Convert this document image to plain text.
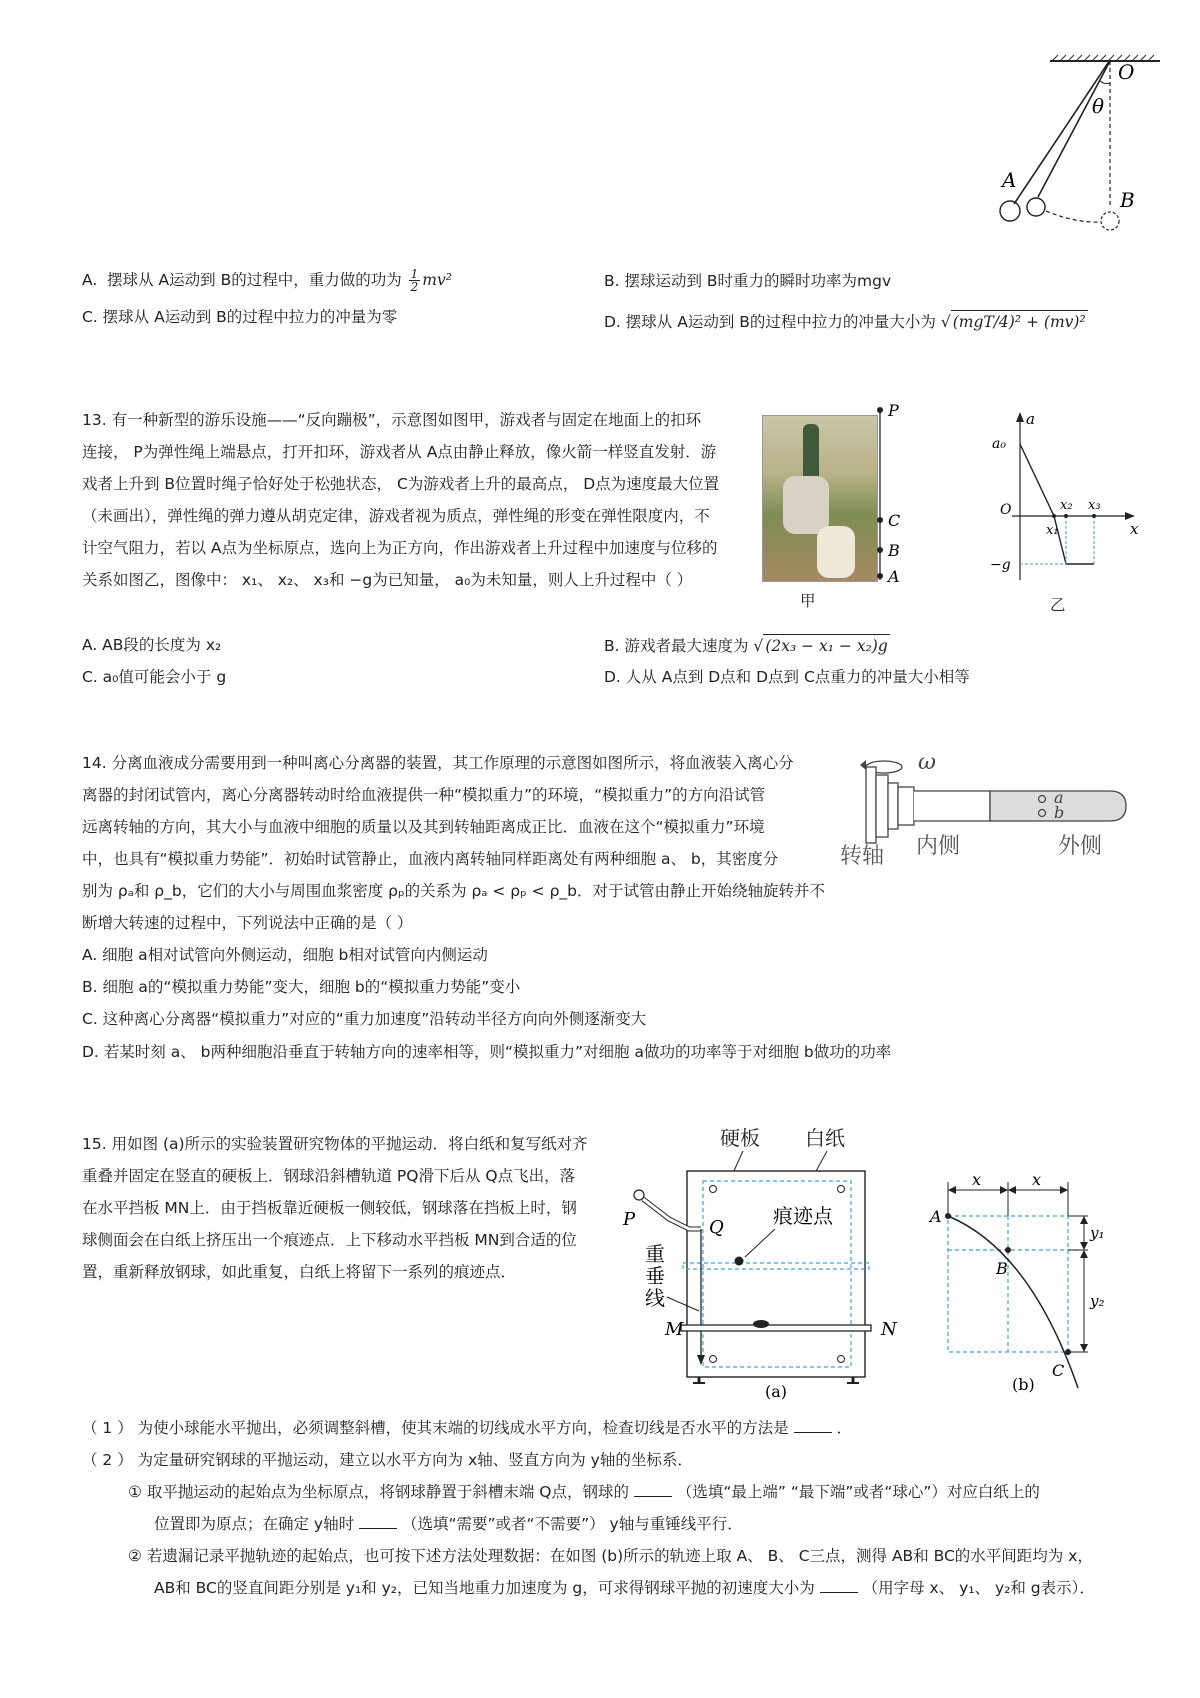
O
θ
A
B
A. 摆球从 A运动到 B的过程中，重力做的功为 $\frac{1}{2} mv^2$	B. 摆球运动到 B时重力的瞬时功率为mgv
C. 摆球从 A运动到 B的过程中拉力的冲量为零	D. 摆球从 A运动到 B的过程中拉力的冲量大小为 √ (mgT/4)² + (mv)²
13. 有一种新型的游乐设施——“反向蹦极”，示意图如图甲，游戏者与固定在地面上的扣环
连接， P为弹性绳上端悬点，打开扣环，游戏者从 A点由静止释放，像火箭一样竖直发射．游
戏者上升到 B位置时绳子恰好处于松弛状态， C为游戏者上升的最高点， D点为速度最大位置
（未画出），弹性绳的弹力遵从胡克定律，游戏者视为质点，弹性绳的形变在弹性限度内，不
计空气阻力，若以 A点为坐标原点，选向上为正方向，作出游戏者上升过程中加速度与位移的
关系如图乙，图像中： x₁、 x₂、 x₃和 −g为已知量， a₀为未知量，则人上升过程中（ ）
P
C
B
A
甲
a
a₀
O
x
x₁
x₂ x₃
−g
乙
A. AB段的长度为 x₂	B. 游戏者最大速度为 √ (2x₃ − x₁ − x₂)g
C. a₀值可能会小于 g	D. 人从 A点到 D点和 D点到 C点重力的冲量大小相等
14. 分离血液成分需要用到一种叫离心分离器的装置，其工作原理的示意图如图所示，将血液装入离心分
离器的封闭试管内，离心分离器转动时给血液提供一种“模拟重力”的环境，“模拟重力”的方向沿试管
远离转轴的方向，其大小与血液中细胞的质量以及其到转轴距离成正比．血液在这个“模拟重力”环境
中，也具有“模拟重力势能”．初始时试管静止，血液内离转轴同样距离处有两种细胞 a、 b，其密度分
别为 ρₐ和 ρ_b，它们的大小与周围血浆密度 ρₚ的关系为 ρₐ < ρₚ < ρ_b．对于试管由静止开始绕轴旋转并不
断增大转速的过程中，下列说法中正确的是（ ）
A. 细胞 a相对试管向外侧运动，细胞 b相对试管向内侧运动
B. 细胞 a的“模拟重力势能”变大，细胞 b的“模拟重力势能”变小
C. 这种离心分离器“模拟重力”对应的“重力加速度”沿转动半径方向向外侧逐渐变大
D. 若某时刻 a、 b两种细胞沿垂直于转轴方向的速率相等，则“模拟重力”对细胞 a做功的功率等于对细胞 b做功的功率
ω
a
b
转轴 内侧	外侧
15. 用如图 (a)所示的实验装置研究物体的平抛运动．将白纸和复写纸对齐
重叠并固定在竖直的硬板上．钢球沿斜槽轨道 PQ滑下后从 Q点飞出，落
在水平挡板 MN上．由于挡板靠近硬板一侧较低，钢球落在挡板上时，钢
球侧面会在白纸上挤压出一个痕迹点．上下移动水平挡板 MN到合适的位
置，重新释放钢球，如此重复，白纸上将留下一系列的痕迹点．
硬板 白纸
P	Q 痕迹点
重
垂
线
M	N
(a)
x	x
y₁
y₂
A
B
C
(b)
（ 1 ） 为使小球能水平抛出，必须调整斜槽，使其末端的切线成水平方向，检查切线是否水平的方法是	．
（ 2 ） 为定量研究钢球的平抛运动，建立以水平方向为 x轴、竖直方向为 y轴的坐标系．
① 取平抛运动的起始点为坐标原点，将钢球静置于斜槽末端 Q点，钢球的	（选填“最上端” “最下端”或者“球心”）对应白纸上的
位置即为原点；在确定 y轴时	（选填“需要”或者“不需要”） y轴与重锤线平行．
② 若遗漏记录平抛轨迹的起始点，也可按下述方法处理数据：在如图 (b)所示的轨迹上取 A、 B、 C三点，测得 AB和 BC的水平间距均为 x，
AB和 BC的竖直间距分别是 y₁和 y₂，已知当地重力加速度为 g，可求得钢球平抛的初速度大小为	（用字母 x、 y₁、 y₂和 g表示）．
